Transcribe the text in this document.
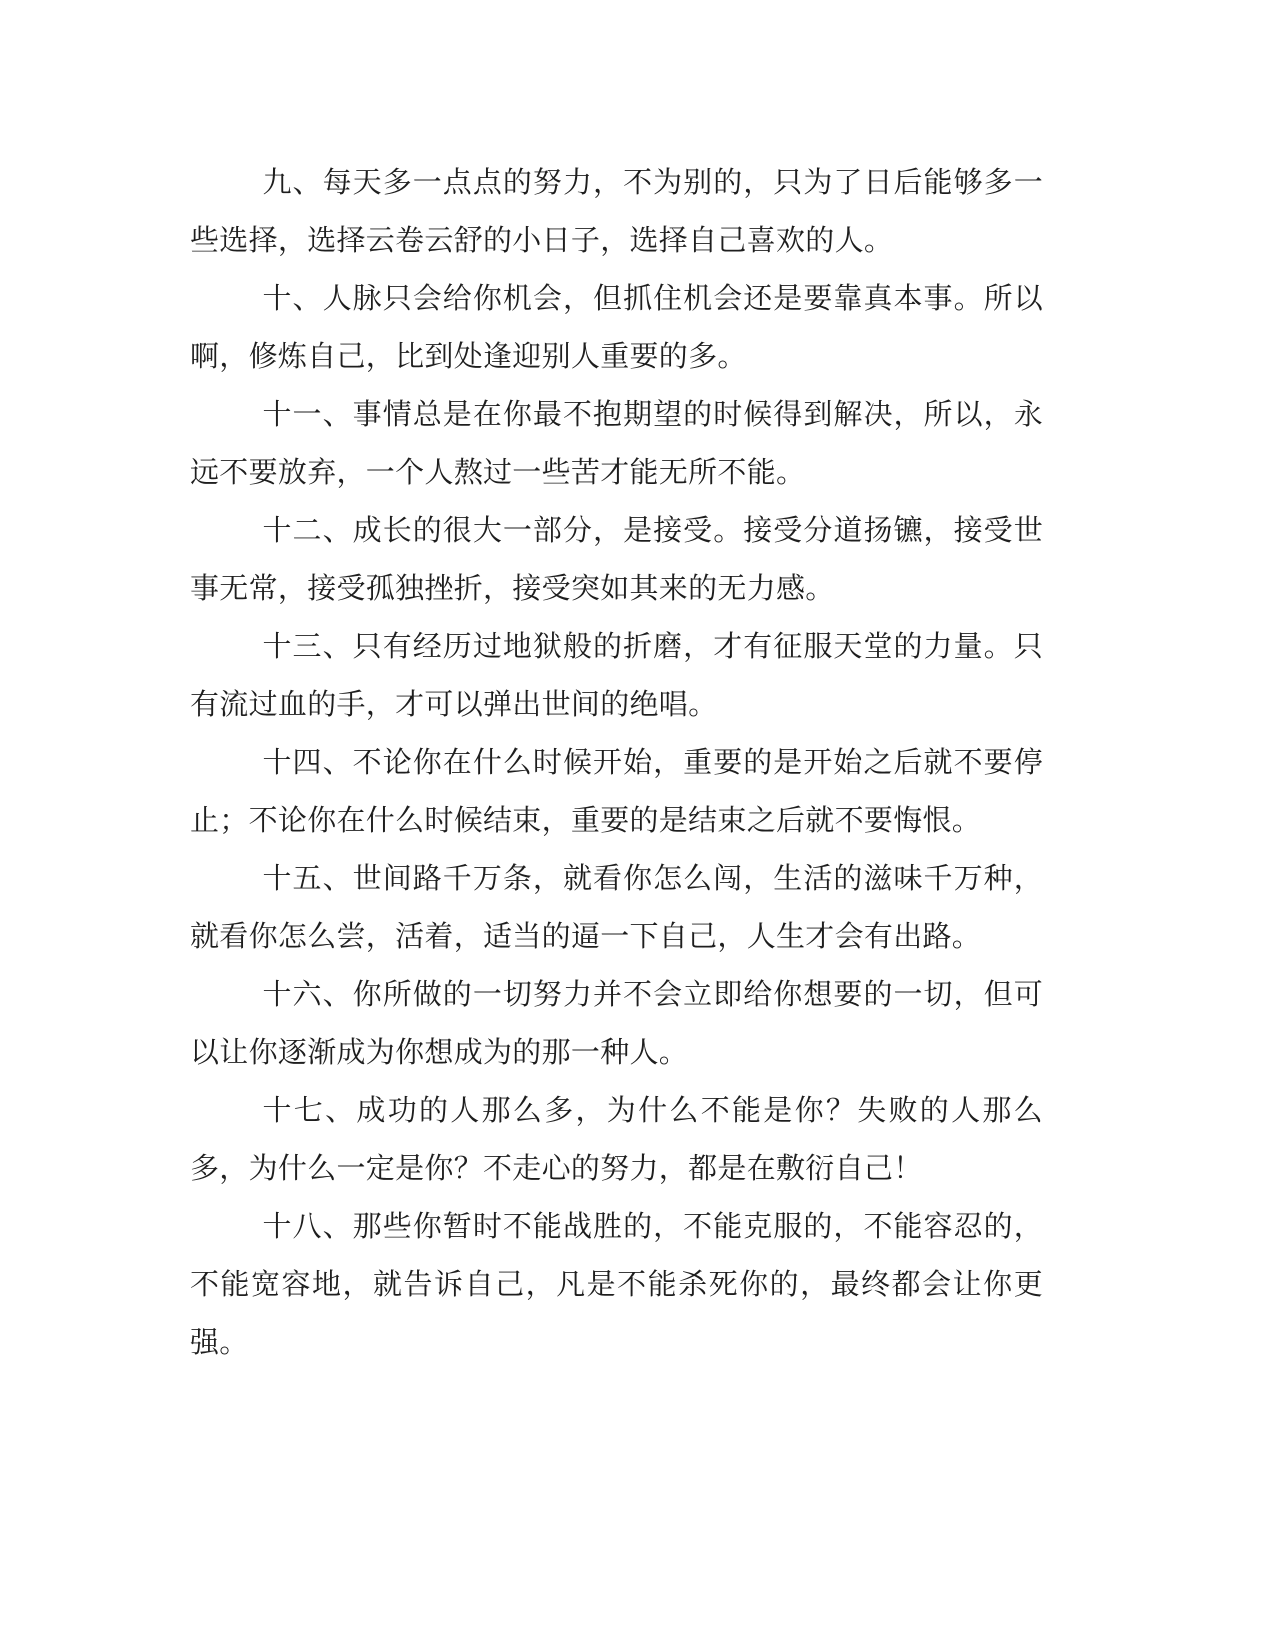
九、每天多一点点的努力，不为别的，只为了日后能够多一些选择，选择云卷云舒的小日子，选择自己喜欢的人。

十、人脉只会给你机会，但抓住机会还是要靠真本事。所以啊，修炼自己，比到处逢迎别人重要的多。

十一、事情总是在你最不抱期望的时候得到解决，所以，永远不要放弃，一个人熬过一些苦才能无所不能。

十二、成长的很大一部分，是接受。接受分道扬镳，接受世事无常，接受孤独挫折，接受突如其来的无力感。

十三、只有经历过地狱般的折磨，才有征服天堂的力量。只有流过血的手，才可以弹出世间的绝唱。

十四、不论你在什么时候开始，重要的是开始之后就不要停止；不论你在什么时候结束，重要的是结束之后就不要悔恨。

十五、世间路千万条，就看你怎么闯，生活的滋味千万种，就看你怎么尝，活着，适当的逼一下自己，人生才会有出路。

十六、你所做的一切努力并不会立即给你想要的一切，但可以让你逐渐成为你想成为的那一种人。

十七、成功的人那么多，为什么不能是你？失败的人那么多，为什么一定是你？不走心的努力，都是在敷衍自己！

十八、那些你暂时不能战胜的，不能克服的，不能容忍的，不能宽容地，就告诉自己，凡是不能杀死你的，最终都会让你更强。
